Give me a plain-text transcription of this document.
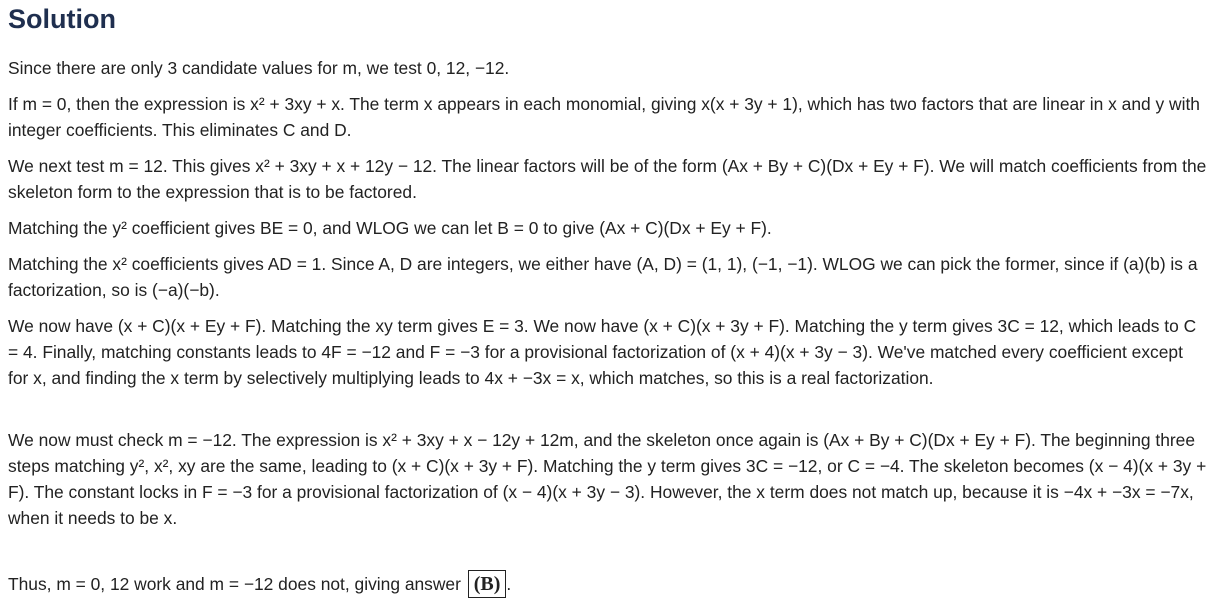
Solution

Since there are only 3 candidate values for m, we test 0, 12, −12.

If m = 0, then the expression is x² + 3xy + x. The term x appears in each monomial, giving x(x + 3y + 1), which has two factors that are linear in x and y with integer coefficients. This eliminates C and D.

We next test m = 12. This gives x² + 3xy + x + 12y − 12. The linear factors will be of the form (Ax + By + C)(Dx + Ey + F). We will match coefficients from the skeleton form to the expression that is to be factored.

Matching the y² coefficient gives BE = 0, and WLOG we can let B = 0 to give (Ax + C)(Dx + Ey + F).

Matching the x² coefficients gives AD = 1. Since A, D are integers, we either have (A, D) = (1, 1), (−1, −1). WLOG we can pick the former, since if (a)(b) is a factorization, so is (−a)(−b).

We now have (x + C)(x + Ey + F). Matching the xy term gives E = 3. We now have (x + C)(x + 3y + F). Matching the y term gives 3C = 12, which leads to C = 4. Finally, matching constants leads to 4F = −12 and F = −3 for a provisional factorization of (x + 4)(x + 3y − 3). We've matched every coefficient except for x, and finding the x term by selectively multiplying leads to 4x + −3x = x, which matches, so this is a real factorization.

We now must check m = −12. The expression is x² + 3xy + x − 12y + 12m, and the skeleton once again is (Ax + By + C)(Dx + Ey + F). The beginning three steps matching y², x², xy are the same, leading to (x + C)(x + 3y + F). Matching the y term gives 3C = −12, or C = −4. The skeleton becomes (x − 4)(x + 3y + F). The constant locks in F = −3 for a provisional factorization of (x − 4)(x + 3y − 3). However, the x term does not match up, because it is −4x + −3x = −7x, when it needs to be x.

Thus, m = 0, 12 work and m = −12 does not, giving answer (B) .
